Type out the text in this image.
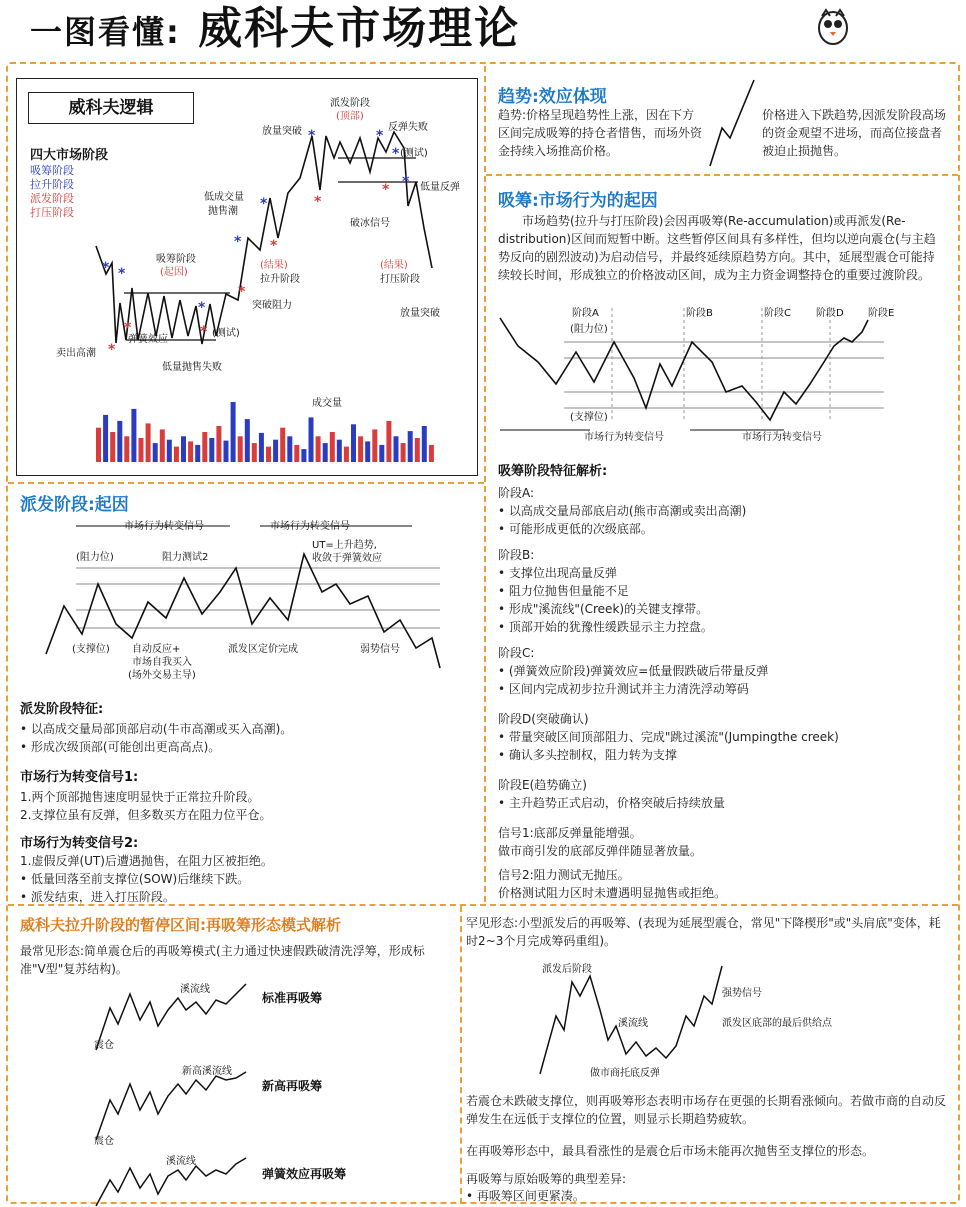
一图看懂: 威科夫市场理论
威科夫逻辑
四大市场阶段
吸筹阶段
拉升阶段
派发阶段
打压阶段
* *
*
*
*
*	*
*
*
*
*	*
*
*
*
*
派发阶段
(顶部)
放量突破	反弹失败
(测试)
低量反弹
低成交量
抛售潮
破冰信号
吸筹阶段
(起因)
(结果)
拉升阶段
(结果)
打压阶段
突破阻力
卖出高潮
弹簧效应
(测试)
低量抛售失败
放量突破
成交量
趋势:效应体现
趋势:价格呈现趋势性上涨，因在下方区间完成吸筹的持仓者惜售，而场外资金持续入场推高价格。
价格进入下跌趋势,因派发阶段高场的资金观望不进场，而高位接盘者被迫止损抛售。
吸筹:市场行为的起因
市场趋势(拉升与打压阶段)会因再吸筹(Re-accumulation)或再派发(Re-distribution)区间而短暂中断。这些暂停区间具有多样性，但均以逆向震仓(与主趋势反向的剧烈波动)为启动信号，并最终延续原趋势方向。其中，延展型震仓可能持续较长时间，形成独立的价格波动区间，成为主力资金调整持仓的重要过渡阶段。
阶段A	阶段B	阶段C	阶段D 阶段E
(阻力位)
(支撑位)
市场行为转变信号	市场行为转变信号
吸筹阶段特征解析:
阶段A:
• 以高成交量局部底启动(熊市高潮或卖出高潮)
• 可能形成更低的次级底部。
阶段B:
• 支撑位出现高量反弹
• 阻力位抛售但量能不足
• 形成"溪流线"(Creek)的关键支撑带。
• 顶部开始的犹豫性缓跌显示主力控盘。
阶段C:
• (弹簧效应阶段)弹簧效应=低量假跌破后带量反弹
• 区间内完成初步拉升测试并主力清洗浮动筹码
阶段D(突破确认)
• 带量突破区间顶部阻力、完成"跳过溪流"(Jumpingthe creek)
• 确认多头控制权，阻力转为支撑
阶段E(趋势确立)
• 主升趋势正式启动，价格突破后持续放量
信号1:底部反弹量能增强。
做市商引发的底部反弹伴随显著放量。
信号2:阻力测试无抛压。
价格测试阻力区时未遭遇明显抛售或拒绝。
派发阶段:起因
市场行为转变信号	市场行为转变信号
(阻力位)	阻力测试2
UT=上升趋势,
收敛于弹簧效应
(支撑位) 自动反应+
市场自我买入
(场外交易主导)
派发区定价完成	弱势信号
派发阶段特征:
• 以高成交量局部顶部启动(牛市高潮或买入高潮)。
• 形成次级顶部(可能创出更高高点)。
市场行为转变信号1:
1.两个顶部抛售速度明显快于正常拉升阶段。
2.支撑位虽有反弹，但多数买方在阻力位平仓。
市场行为转变信号2:
1.虚假反弹(UT)后遭遇抛售，在阻力区被拒绝。
• 低量回落至前支撑位(SOW)后继续下跌。
• 派发结束，进入打压阶段。
威科夫拉升阶段的暂停区间:再吸筹形态模式解析
最常见形态:简单震仓后的再吸筹模式(主力通过快速假跌破清洗浮筹，形成标准"V型"复苏结构)。
溪流线
震仓
新高溪流线
震仓
溪流线
标准再吸筹
新高再吸筹
弹簧效应再吸筹
罕见形态:小型派发后的再吸筹、(表现为延展型震仓，常见"下降楔形"或"头肩底"变体，耗时2~3个月完成筹码重组)。
派发后阶段
溪流线
强势信号
做市商托底反弹
派发区底部的最后供给点
若震仓未跌破支撑位，则再吸筹形态表明市场存在更强的长期看涨倾向。若做市商的自动反弹发生在远低于支撑位的位置，则显示长期趋势疲软。
在再吸筹形态中，最具看涨性的是震仓后市场未能再次抛售至支撑位的形态。
再吸筹与原始吸筹的典型差异:
• 再吸筹区间更紧凑。
